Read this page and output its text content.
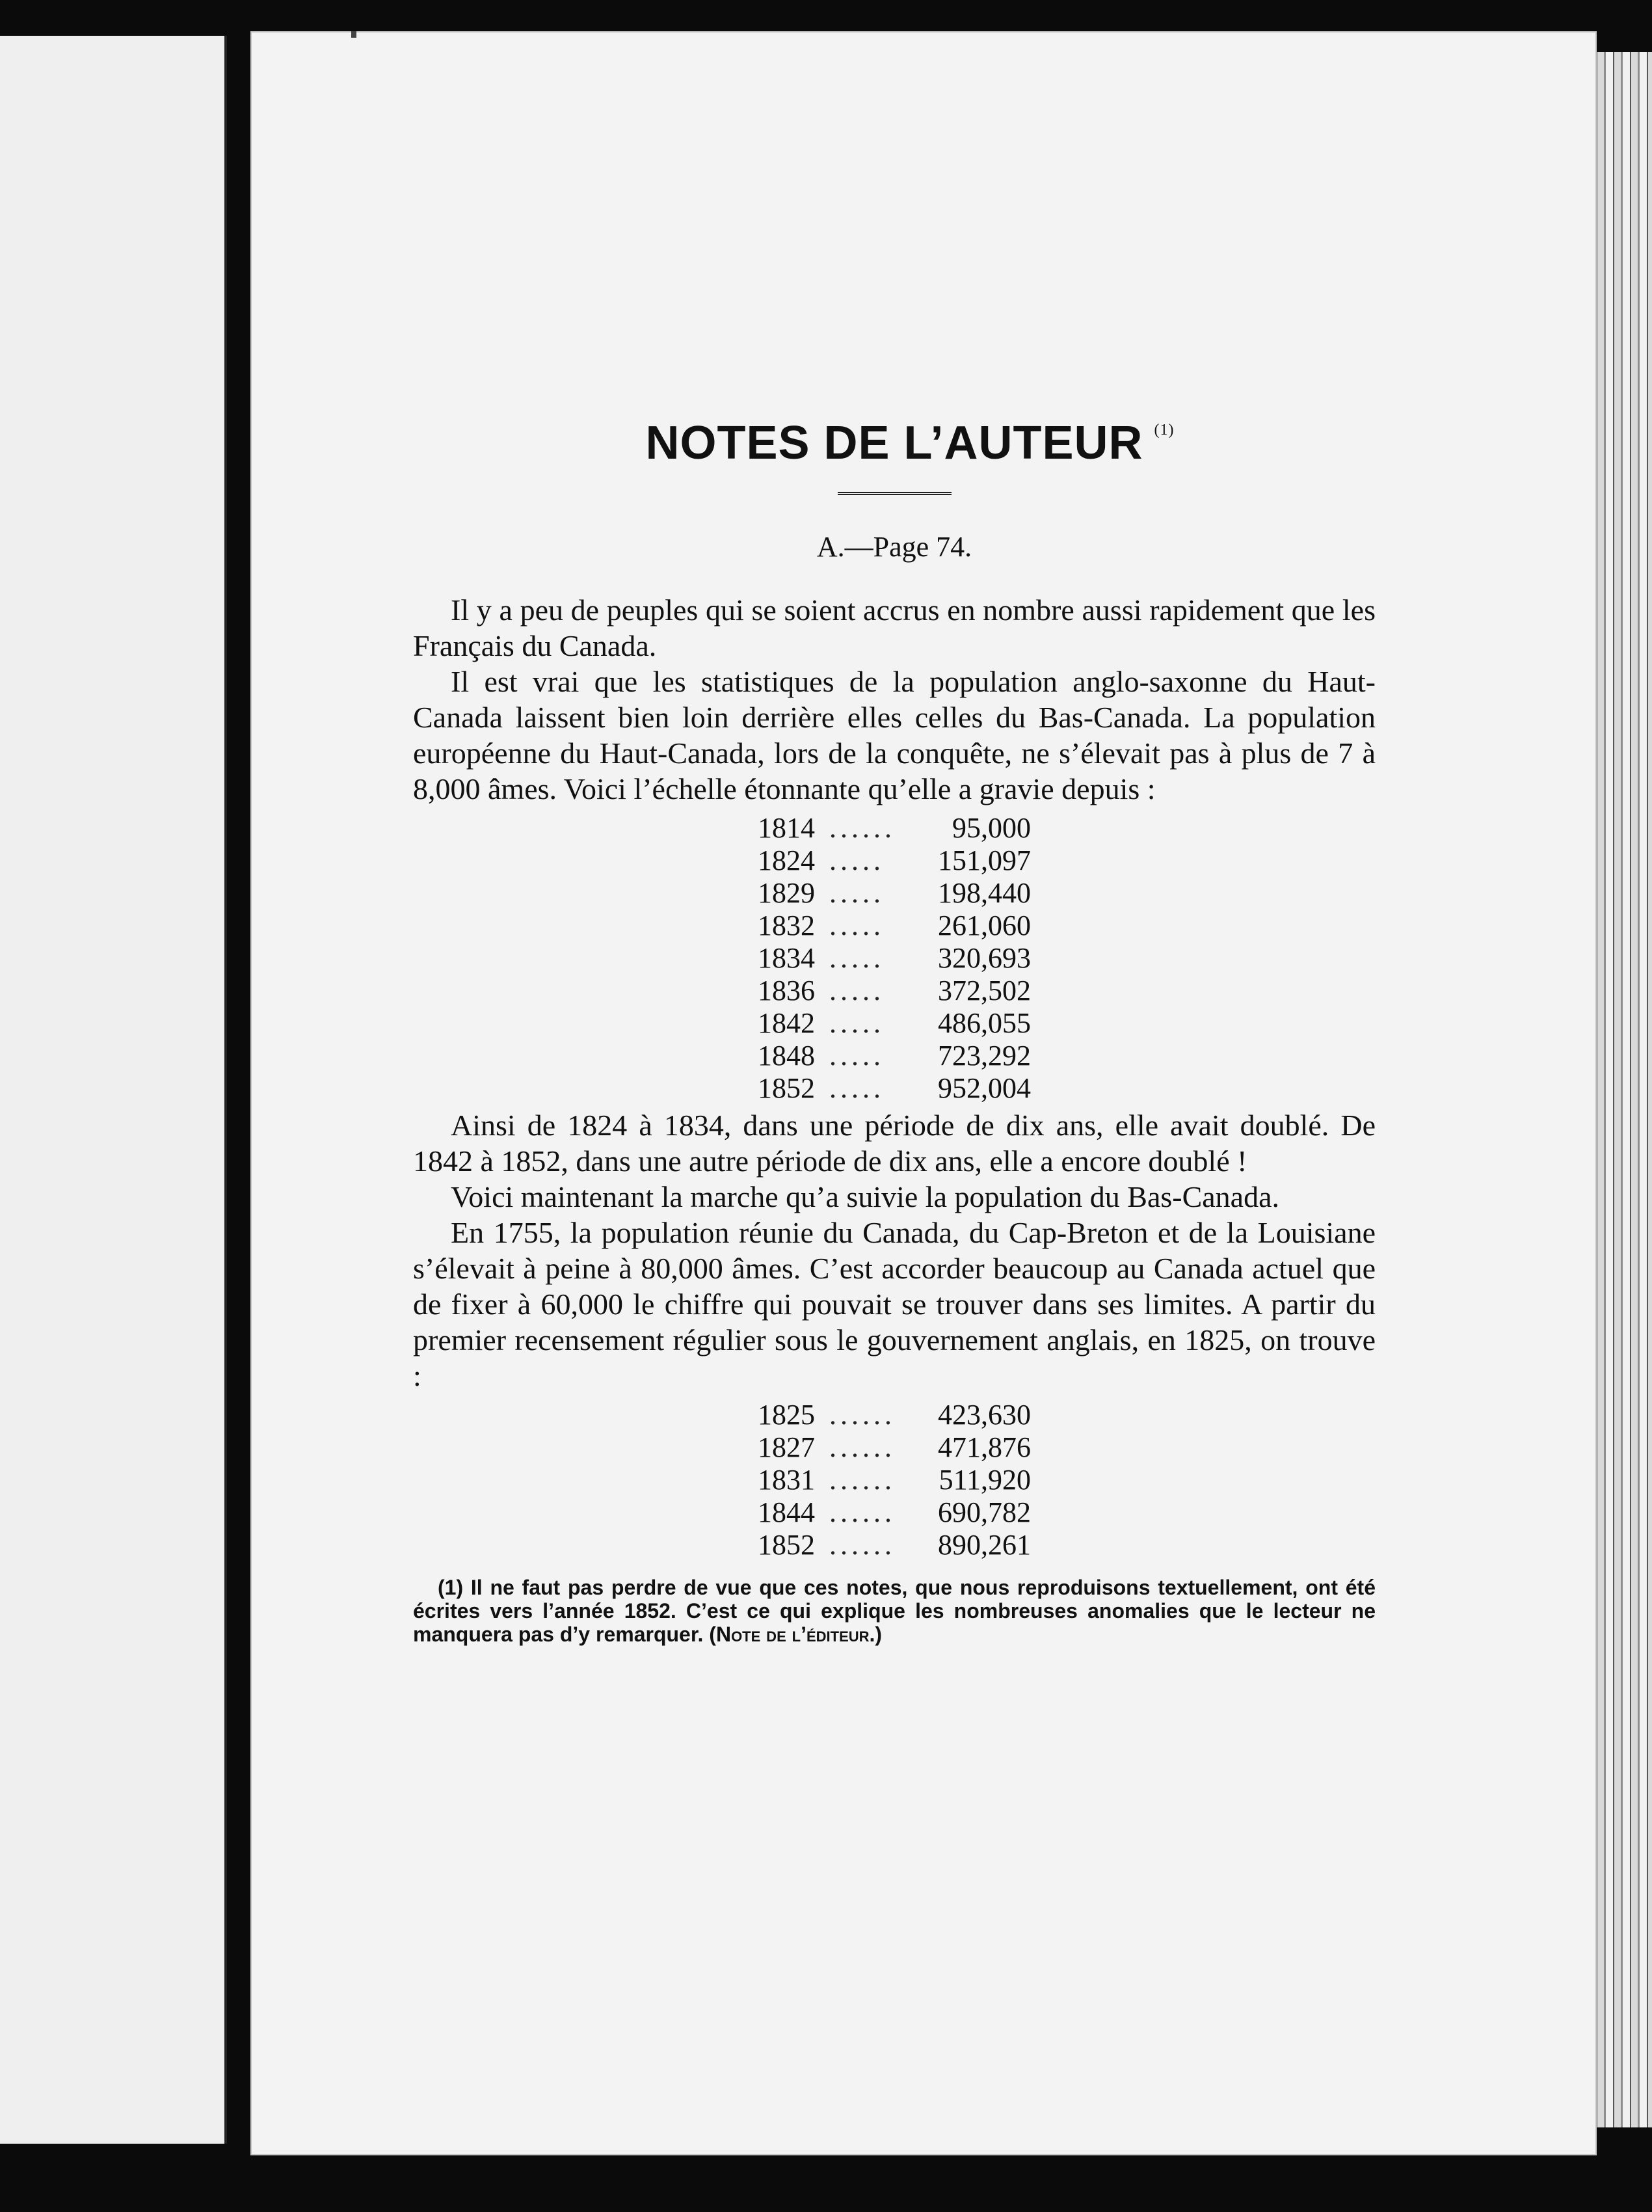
NOTES DE L’AUTEUR (1)
A.—Page 74.

Il y a peu de peuples qui se soient accrus en nombre aussi rapidement que les Français du Canada.

Il est vrai que les statistiques de la population anglo-saxonne du Haut-Canada laissent bien loin derrière elles celles du Bas-Canada. La population européenne du Haut-Canada, lors de la conquête, ne s’élevait pas à plus de 7 à 8,000 âmes. Voici l’échelle étonnante qu’elle a gravie depuis :

1814 ......	95,000
1824 .....	151,097
1829 .....	198,440
1832 .....	261,060
1834 .....	320,693
1836 .....	372,502
1842 .....	486,055
1848 .....	723,292
1852 .....	952,004

Ainsi de 1824 à 1834, dans une période de dix ans, elle avait doublé. De 1842 à 1852, dans une autre période de dix ans, elle a encore doublé !

Voici maintenant la marche qu’a suivie la population du Bas-Canada.

En 1755, la population réunie du Canada, du Cap-Breton et de la Louisiane s’élevait à peine à 80,000 âmes. C’est accorder beaucoup au Canada actuel que de fixer à 60,000 le chiffre qui pouvait se trouver dans ses limites. A partir du premier recensement régulier sous le gouvernement anglais, en 1825, on trouve :

1825 ......	423,630
1827 ......	471,876
1831 ......	511,920
1844 ......	690,782
1852 ......	890,261
(1) Il ne faut pas perdre de vue que ces notes, que nous reproduisons textuellement, ont été écrites vers l’année 1852. C’est ce qui explique les nombreuses anomalies que le lecteur ne manquera pas d’y remarquer. (Note de l’éditeur.)
